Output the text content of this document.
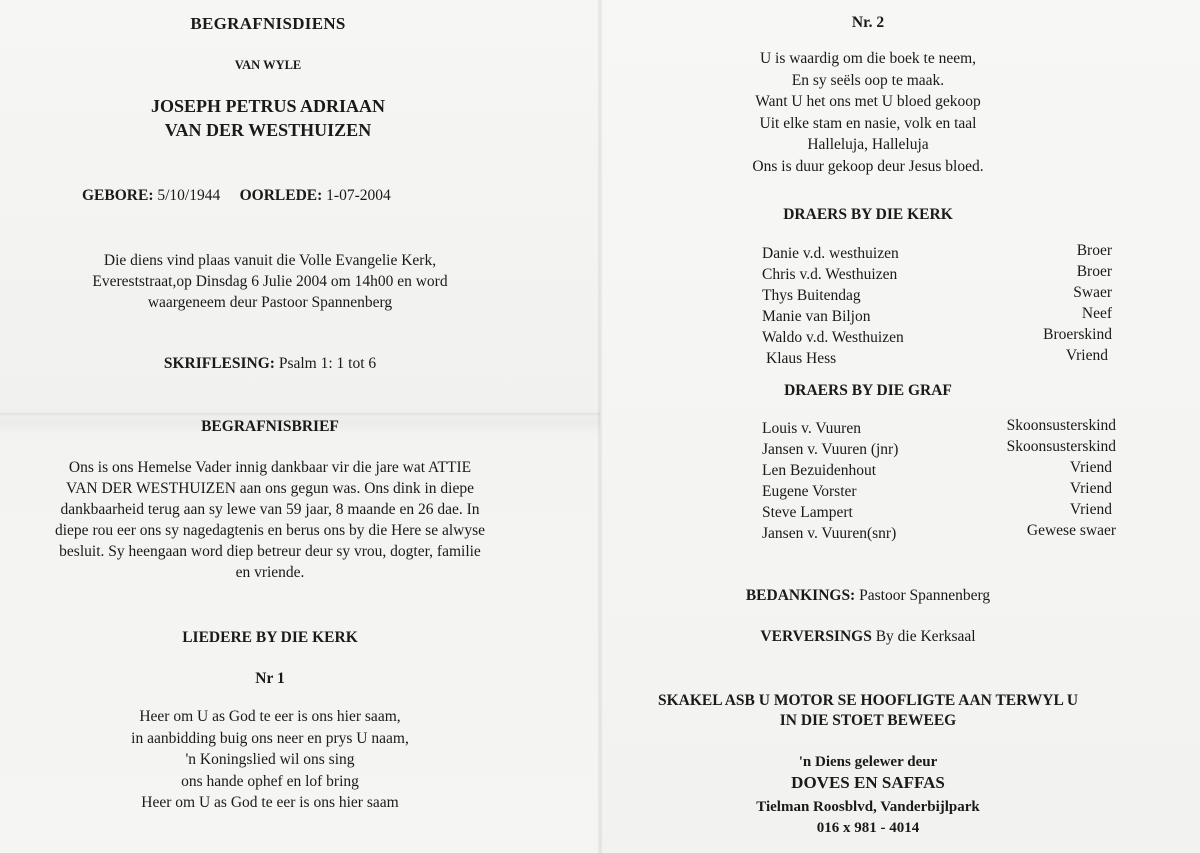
BEGRAFNISDIENS
VAN WYLE
JOSEPH PETRUS ADRIAAN
VAN DER WESTHUIZEN
GEBORE: 5/10/1944 OORLEDE: 1-07-2004
Die diens vind plaas vanuit die Volle Evangelie Kerk,
Evereststraat,op Dinsdag 6 Julie 2004 om 14h00 en word
waargeneem deur Pastoor Spannenberg
SKRIFLESING: Psalm 1: 1 tot 6
BEGRAFNISBRIEF
Ons is ons Hemelse Vader innig dankbaar vir die jare wat ATTIE
VAN DER WESTHUIZEN aan ons gegun was. Ons dink in diepe
dankbaarheid terug aan sy lewe van 59 jaar, 8 maande en 26 dae. In
diepe rou eer ons sy nagedagtenis en berus ons by die Here se alwyse
besluit. Sy heengaan word diep betreur deur sy vrou, dogter, familie
en vriende.
LIEDERE BY DIE KERK
Nr 1
Heer om U as God te eer is ons hier saam,
in aanbidding buig ons neer en prys U naam,
'n Koningslied wil ons sing
ons hande ophef en lof bring
Heer om U as God te eer is ons hier saam
Nr. 2
U is waardig om die boek te neem,
En sy seëls oop te maak.
Want U het ons met U bloed gekoop
Uit elke stam en nasie, volk en taal
Halleluja, Halleluja
Ons is duur gekoop deur Jesus bloed.
DRAERS BY DIE KERK
Danie v.d. westhuizen	Broer
Chris v.d. Westhuizen	Broer
Thys Buitendag	Swaer
Manie van Biljon	Neef
Waldo v.d. Westhuizen	Broerskind
Klaus Hess	Vriend
DRAERS BY DIE GRAF
Louis v. Vuuren	Skoonsusterskind
Jansen v. Vuuren (jnr)	Skoonsusterskind
Len Bezuidenhout	Vriend
Eugene Vorster	Vriend
Steve Lampert	Vriend
Jansen v. Vuuren(snr)	Gewese swaer
BEDANKINGS: Pastoor Spannenberg
VERVERSINGS By die Kerksaal
SKAKEL ASB U MOTOR SE HOOFLIGTE AAN TERWYL U
IN DIE STOET BEWEEG
'n Diens gelewer deur
DOVES EN SAFFAS
Tielman Roosblvd, Vanderbijlpark
016 x 981 - 4014
